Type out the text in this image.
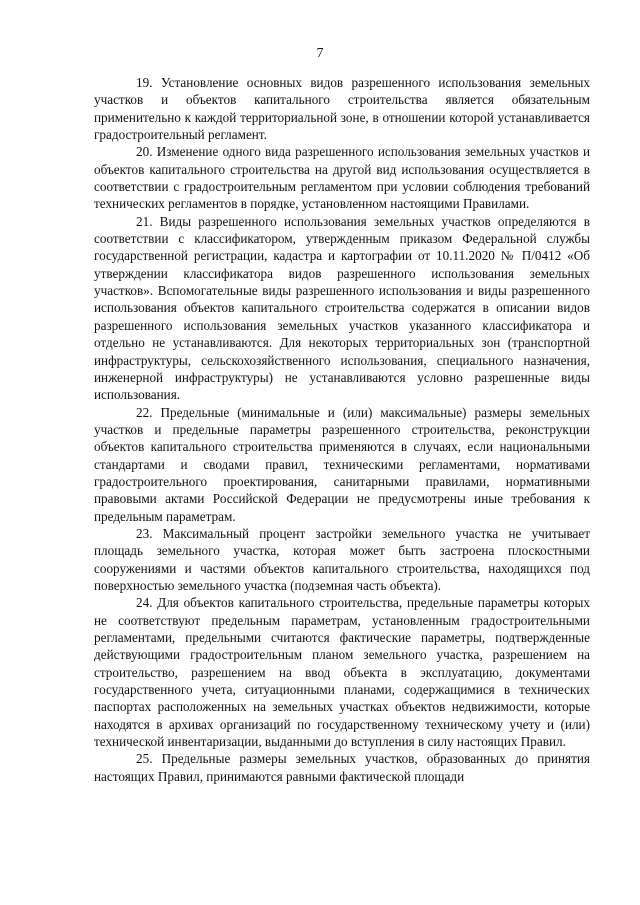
7

19. Установление основных видов разрешенного использования земельных участков и объектов капитального строительства является обязательным применительно к каждой территориальной зоне, в отношении которой устанавливается градостроительный регламент.

20. Изменение одного вида разрешенного использования земельных участков и объектов капитального строительства на другой вид использования осуществляется в соответствии с градостроительным регламентом при условии соблюдения требований технических регламентов в порядке, установленном настоящими Правилами.

21. Виды разрешенного использования земельных участков определяются в соответствии с классификатором, утвержденным приказом Федеральной службы государственной регистрации, кадастра и картографии от 10.11.2020 № П/0412 «Об утверждении классификатора видов разрешенного использования земельных участков». Вспомогательные виды разрешенного использования и виды разрешенного использования объектов капитального строительства содержатся в описании видов разрешенного использования земельных участков указанного классификатора и отдельно не устанавливаются. Для некоторых территориальных зон (транспортной инфраструктуры, сельскохозяйственного использования, специального назначения, инженерной инфраструктуры) не устанавливаются условно разрешенные виды использования.

22. Предельные (минимальные и (или) максимальные) размеры земельных участков и предельные параметры разрешенного строительства, реконструкции объектов капитального строительства применяются в случаях, если национальными стандартами и сводами правил, техническими регламентами, нормативами градостроительного проектирования, санитарными правилами, нормативными правовыми актами Российской Федерации не предусмотрены иные требования к предельным параметрам.

23. Максимальный процент застройки земельного участка не учитывает площадь земельного участка, которая может быть застроена плоскостными сооружениями и частями объектов капитального строительства, находящихся под поверхностью земельного участка (подземная часть объекта).

24. Для объектов капитального строительства, предельные параметры которых не соответствуют предельным параметрам, установленным градостроительными регламентами, предельными считаются фактические параметры, подтвержденные действующими градостроительным планом земельного участка, разрешением на строительство, разрешением на ввод объекта в эксплуатацию, документами государственного учета, ситуационными планами, содержащимися в технических паспортах расположенных на земельных участках объектов недвижимости, которые находятся в архивах организаций по государственному техническому учету и (или) технической инвентаризации, выданными до вступления в силу настоящих Правил.

25. Предельные размеры земельных участков, образованных до принятия настоящих Правил, принимаются равными фактической площади
